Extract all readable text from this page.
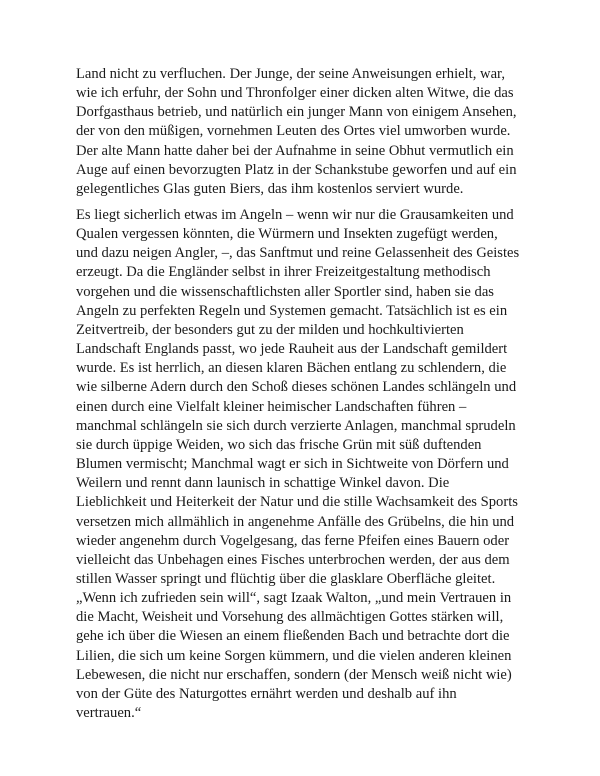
Land nicht zu verfluchen. Der Junge, der seine Anweisungen erhielt, war,

wie ich erfuhr, der Sohn und Thronfolger einer dicken alten Witwe, die das

Dorfgasthaus betrieb, und natürlich ein junger Mann von einigem Ansehen,

der von den müßigen, vornehmen Leuten des Ortes viel umworben wurde.

Der alte Mann hatte daher bei der Aufnahme in seine Obhut vermutlich ein

Auge auf einen bevorzugten Platz in der Schankstube geworfen und auf ein

gelegentliches Glas guten Biers, das ihm kostenlos serviert wurde.

Es liegt sicherlich etwas im Angeln – wenn wir nur die Grausamkeiten und

Qualen vergessen könnten, die Würmern und Insekten zugefügt werden,

und dazu neigen Angler, –, das Sanftmut und reine Gelassenheit des Geistes

erzeugt. Da die Engländer selbst in ihrer Freizeitgestaltung methodisch

vorgehen und die wissenschaftlichsten aller Sportler sind, haben sie das

Angeln zu perfekten Regeln und Systemen gemacht. Tatsächlich ist es ein

Zeitvertreib, der besonders gut zu der milden und hochkultivierten

Landschaft Englands passt, wo jede Rauheit aus der Landschaft gemildert

wurde. Es ist herrlich, an diesen klaren Bächen entlang zu schlendern, die

wie silberne Adern durch den Schoß dieses schönen Landes schlängeln und

einen durch eine Vielfalt kleiner heimischer Landschaften führen –

manchmal schlängeln sie sich durch verzierte Anlagen, manchmal sprudeln

sie durch üppige Weiden, wo sich das frische Grün mit süß duftenden

Blumen vermischt; Manchmal wagt er sich in Sichtweite von Dörfern und

Weilern und rennt dann launisch in schattige Winkel davon. Die

Lieblichkeit und Heiterkeit der Natur und die stille Wachsamkeit des Sports

versetzen mich allmählich in angenehme Anfälle des Grübelns, die hin und

wieder angenehm durch Vogelgesang, das ferne Pfeifen eines Bauern oder

vielleicht das Unbehagen eines Fisches unterbrochen werden, der aus dem

stillen Wasser springt und flüchtig über die glasklare Oberfläche gleitet.

„Wenn ich zufrieden sein will“, sagt Izaak Walton, „und mein Vertrauen in

die Macht, Weisheit und Vorsehung des allmächtigen Gottes stärken will,

gehe ich über die Wiesen an einem fließenden Bach und betrachte dort die

Lilien, die sich um keine Sorgen kümmern, und die vielen anderen kleinen

Lebewesen, die nicht nur erschaffen, sondern (der Mensch weiß nicht wie)

von der Güte des Naturgottes ernährt werden und deshalb auf ihn

vertrauen.“
